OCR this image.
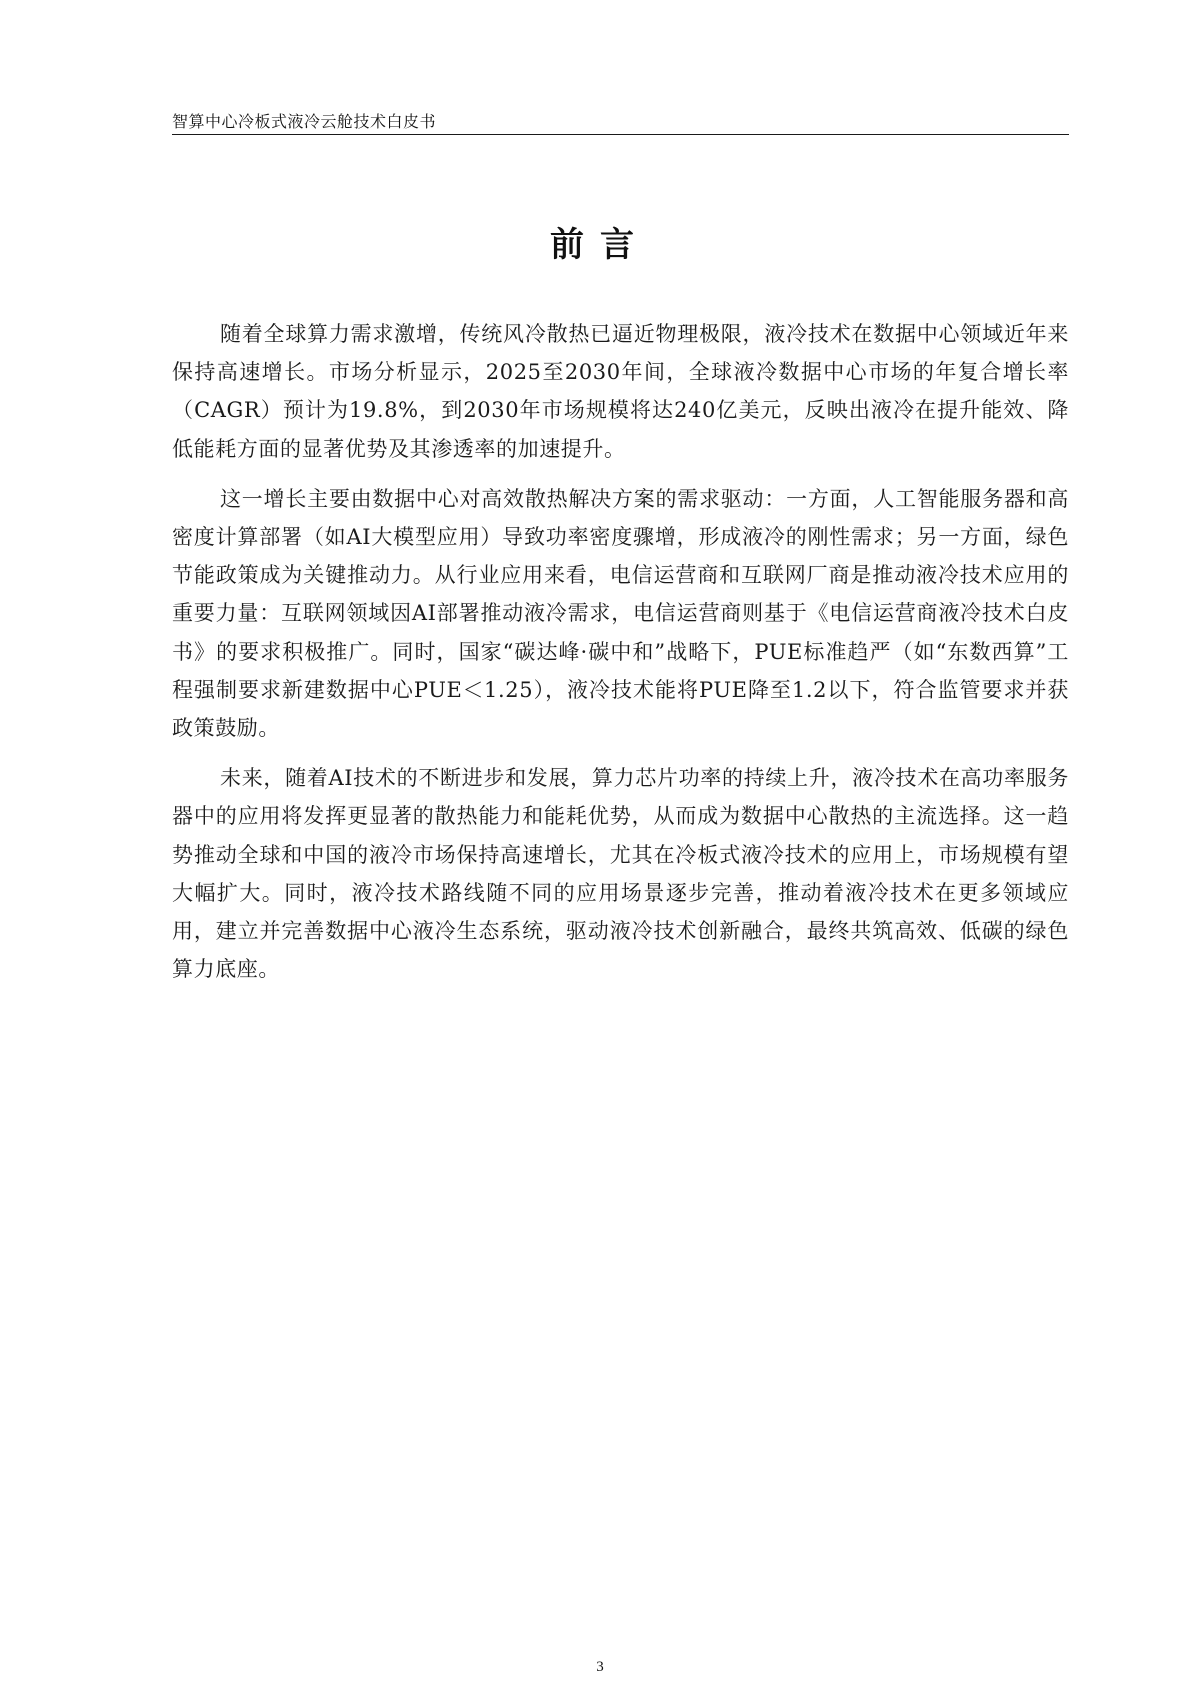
智算中心冷板式液冷云舱技术白皮书
前言

随着全球算力需求激增，传统风冷散热已逼近物理极限，液冷技术在数据中心领域近年来保持高速增长。市场分析显示，2025至2030年间，全球液冷数据中心市场的年复合增长率（CAGR）预计为19.8%，到2030年市场规模将达240亿美元，反映出液冷在提升能效、降低能耗方面的显著优势及其渗透率的加速提升。

这一增长主要由数据中心对高效散热解决方案的需求驱动：一方面，人工智能服务器和高密度计算部署（如AI大模型应用）导致功率密度骤增，形成液冷的刚性需求；另一方面，绿色节能政策成为关键推动力。从行业应用来看，电信运营商和互联网厂商是推动液冷技术应用的重要力量：互联网领域因AI部署推动液冷需求，电信运营商则基于《电信运营商液冷技术白皮书》的要求积极推广。同时，国家“碳达峰·碳中和”战略下，PUE标准趋严（如“东数西算”工程强制要求新建数据中心PUE＜1.25），液冷技术能将PUE降至1.2以下，符合监管要求并获政策鼓励。

未来，随着AI技术的不断进步和发展，算力芯片功率的持续上升，液冷技术在高功率服务器中的应用将发挥更显著的散热能力和能耗优势，从而成为数据中心散热的主流选择。这一趋势推动全球和中国的液冷市场保持高速增长，尤其在冷板式液冷技术的应用上，市场规模有望大幅扩大。同时，液冷技术路线随不同的应用场景逐步完善，推动着液冷技术在更多领域应用，建立并完善数据中心液冷生态系统，驱动液冷技术创新融合，最终共筑高效、低碳的绿色算力底座。

3
